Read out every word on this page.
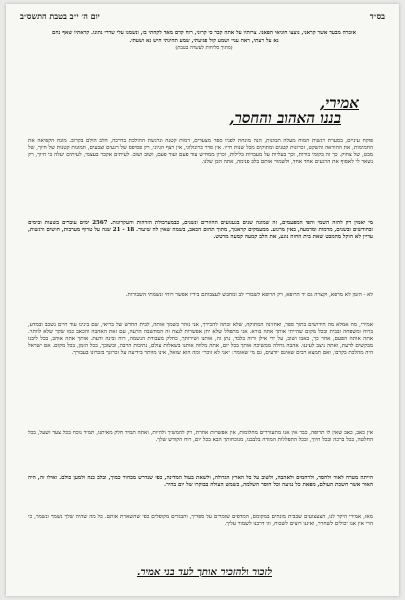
בס״ד
יום ה׳ י״ב בטבת התשס״ב
אזכרה מבעד אשר קראני, נועצו חוניאי הפאני. צרותיו על אתה קבר כי קרוני, רוח קדם מאד לקחתי בו, ונשמנו עלי שדרי נתונו. קראתיו שאף נחם נא על רעתי, ראה עניי ושמע קול פגיעתי, שמע תחינתי חיש נא ושעתי.
(מתוך סליחות לעשרה בטבת)
אמירי,
בננו האהוב והחסר,

פוקח עיניים, בסערת רגשות המוח מעלה תמונות, הנה מונחת לפניו ספר מצעדים, דמות קטנה ונרגשת ההולכת בדרכה, הלב הולם בקרוב. מונח הקפיאה את החמימות, את ההוראה והשקט, זכרונות קטנים ומתוקים מכל שנות חייו. אין סדר כרונולוגי, אין רצף הגיוני, רק פסיפס של רגעים וצבעים, תמונות קטנות של חיוך, של מבט, של צחוק. כך זה בקומי בורות, וכך בעליות על מעברות בלילות, זכרון ממחיש עוד פעם ועוד פעם, ושוב ושוב. לעיתים אקבר בעצמי, לעיתים יעלה בי חיוך, רק נשאר לי לאסוף את הרגעים אחד אחד, ולשמור אותם בלב פנימה, אתה הבן שלנו.

מי יאמין רק להזה השמי והפי המפעמים, זה שמונה שנים בגעגועים החוזרים ונשנים, כבמערבולת הזדהות והעקרונות. 2567 ימים עוברים בשעות ובימים ובחודשים ובשנים, מדמות ומדמעה, באין מרגוע. ממעמקים קראנוך, מתוך תהום הכאב, בשמה שאין לה שיעור. 18 - 21 שנה על טרוף מערבות, חושים ורגשות, עדיין לא הוקל מהמבט שאת בית החזה נוגע, את הלב קמעה קמעה מרטש.

לא - הזמן לא מרפא, וקצרה גם יד הרופא, רק הרופא לשבורי לב ומחבש לעצבותם בידיו אפשר רוחי ונשמתי השבורות.

אמירי, מה אמלא מה חידושים בתוך ספר, ואחזינה המתוקה, שלא זכתה להכירך, אני נזהר בשמך אותה, לבית החדש של בריאי, שם בינינו עוד חיים נשכב ובמדע, ברוח ומשפחה ובבית ובכל מקום שהייתי אותך אתה בורא. אני מתפלל שלא יתן אפשרות לנצח זה המחשבה הרעה, עם זאת האהבה והכאב כמו שקר שלא לוותר. אתה אותה הפעם, אחר כך, באבו ושוב, על ידי אילן ורוה בלבד, נתן זה, אותנו ושירותך, כחלק מעבודת הנשמה, רוח ובינה ודעת. אותך אתה אוהב, בכל ליבנו מבקשים לדעת, ואתה ניצב לעיננו. אהבה גדולה ממשיכה אותך בכל יום, אתה מלווה אותנו בשאלות עולם, נתיבות הרבה, ובשובך, בכל הזמן, בכל מקום. אם ישראל היה מהלכת בקרבו, ואם תמצא רבים שאינם יודעים, גם מי שאומר: ״אני לא זוכר״ ומה הוא שואל, אינו מוותר בידיעה על זכרונך בזכרונו בעבורך.

אין כאב, כאב שאין לו תרופה, כבר אין אנו מתעוררים מחלומות, אין אפשרות אחרת, רק להמשיך ולהיות, ואתה תמיד חלק מאיתנו, תמיד נוכח בכל צעד ושעל, בכל החלטה, בכל ברכה ובכל חיוך, ובכל התפללות המודה בלבבנו, מנוכחותך הבא בכל יום, רוח הקודש שלך.

הייתה מטרה לאור ולחסד, ולרחמים ולאהבה, ולשוב על כל הארץ הגדולה, ולשאת בעול המדינה, כפי שנדרש מבחור כמוך, ובלב כנה ולמען כולם. ואילו זה, היה האור אשר חשכת העולם, מפאת כל נגיעה וכל חוסר השלמה, כשמש העולה בבוקרו של יום בהיר.

מאז, אמירי היקר לנו, הצעצועים שבבית מונחים במקומם, המדפים שומרים על ספריך, והבגדים מקופלים כפי שהשארת אותם. כל מה שהיה שלך נשמר ונשמר, כי הרי אין אנו יכולים לשחרר, ואיננו רוצים לשכוח, וזו דרכנו לשמור עליך.

לזכור ולהזכיר אותך לעד בני אמיר.
